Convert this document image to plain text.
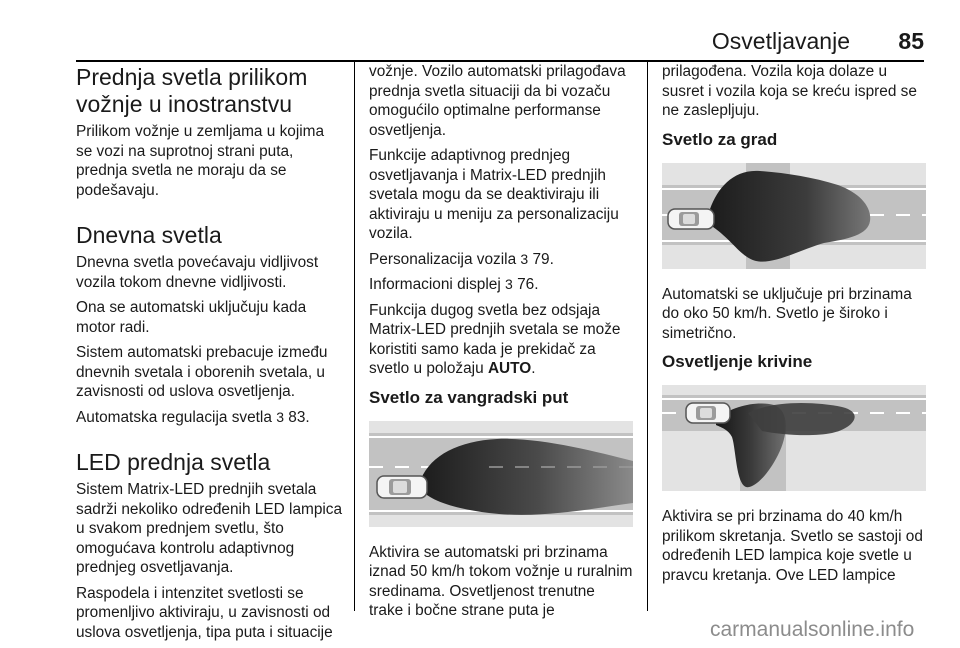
Osvetljavanje 85
Prednja svetla prilikom vožnje u inostranstvu

Prilikom vožnje u zemljama u kojima se vozi na suprotnoj strani puta, prednja svetla ne moraju da se podešavaju.

Dnevna svetla

Dnevna svetla povećavaju vidljivost vozila tokom dnevne vidljivosti.

Ona se automatski uključuju kada motor radi.

Sistem automatski prebacuje između dnevnih svetala i oborenih svetala, u zavisnosti od uslova osvetljenja.

Automatska regulacija svetla 3 83.

LED prednja svetla

Sistem Matrix-LED prednjih svetala sadrži nekoliko određenih LED lampica u svakom prednjem svetlu, što omogućava kontrolu adaptivnog prednjeg osvetljavanja.

Raspodela i intenzitet svetlosti se promenljivo aktiviraju, u zavisnosti od uslova osvetljenja, tipa puta i situacije

vožnje. Vozilo automatski prilagođava prednja svetla situaciji da bi vozaču omogućilo optimalne performanse osvetljenja.

Funkcije adaptivnog prednjeg osvetljavanja i Matrix-LED prednjih svetala mogu da se deaktiviraju ili aktiviraju u meniju za personalizaciju vozila.

Personalizacija vozila 3 79.

Informacioni displej 3 76.

Funkcija dugog svetla bez odsjaja Matrix-LED prednjih svetala se može koristiti samo kada je prekidač za svetlo u položaju AUTO.

Svetlo za vangradski put

Aktivira se automatski pri brzinama iznad 50 km/h tokom vožnje u ruralnim sredinama. Osvetljenost trenutne trake i bočne strane puta je

prilagođena. Vozila koja dolaze u susret i vozila koja se kreću ispred se ne zaslepljuju.

Svetlo za grad

Automatski se uključuje pri brzinama do oko 50 km/h. Svetlo je široko i simetrično.

Osvetljenje krivine

Aktivira se pri brzinama do 40 km/h prilikom skretanja. Svetlo se sastoji od određenih LED lampica koje svetle u pravcu kretanja. Ove LED lampice

carmanualsonline.info
